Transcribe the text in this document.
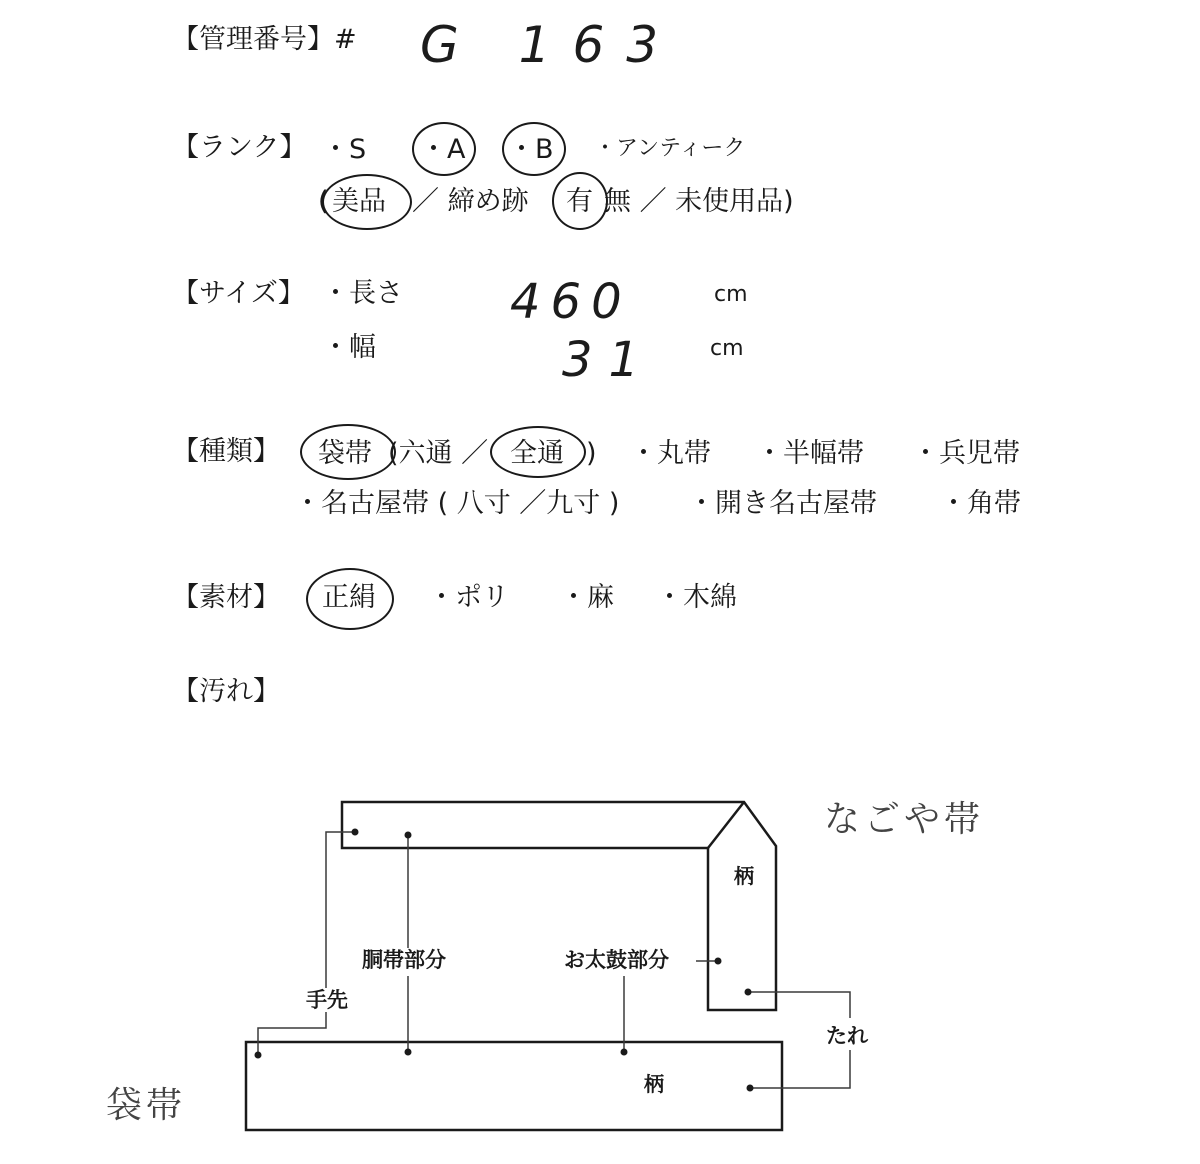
【管理番号】# G 163
【ランク】 ・S ・A ・B ・アンティーク
( 美品 ／ 締め跡 有 無 ／ 未使用品)
【サイズ】 ・長さ 460	cm
・幅	31 cm
【種類】 袋帯 (六通 ／ 全通 ) ・丸帯 ・半幅帯 ・兵児帯
・名古屋帯 ( 八寸 ／九寸 )	・開き名古屋帯 ・角帯
【素材】 正絹 ・ポリ ・麻 ・木綿
【汚れ】
なごや帯
袋帯
柄
柄
胴帯部分	お太鼓部分
手先
たれ
